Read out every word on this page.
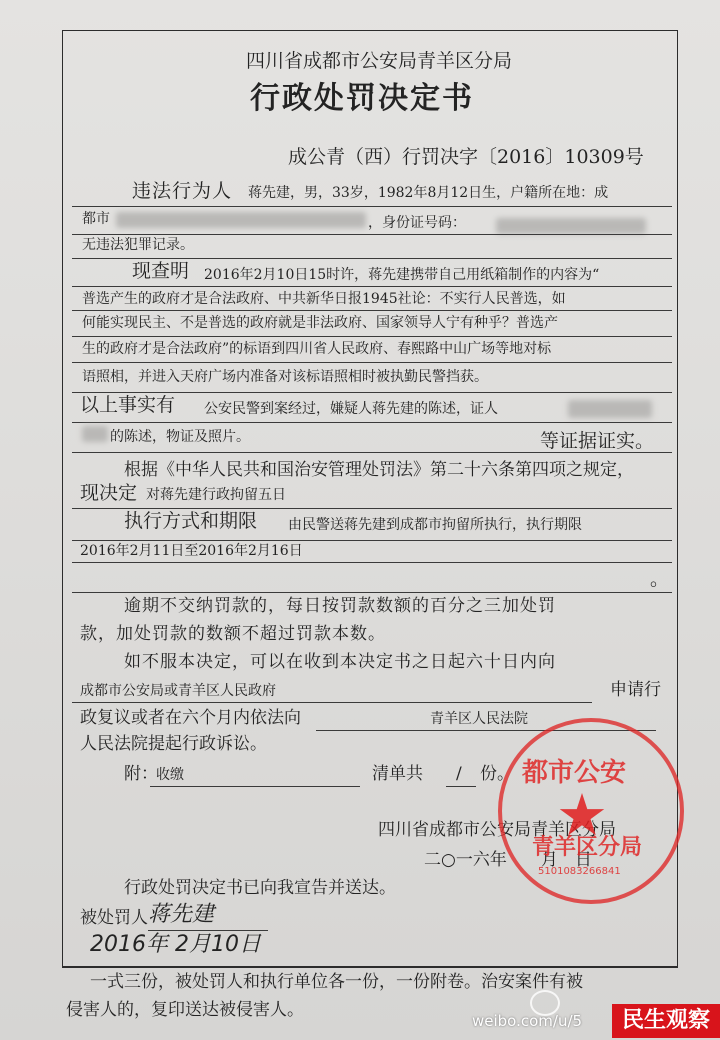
四川省成都市公安局青羊区分局
行政处罚决定书
成公青（西）行罚决字〔2016〕10309号
违法行为人 蒋先建，男，33岁，1982年8月12日生，户籍所在地：成
都市	，身份证号码：
无违法犯罪记录。
现查明 2016年2月10日15时许，蒋先建携带自己用纸箱制作的内容为“
普选产生的政府才是合法政府、中共新华日报1945社论：不实行人民普选，如
何能实现民主、不是普选的政府就是非法政府、国家领导人宁有种乎？普选产
生的政府才是合法政府”的标语到四川省人民政府、春熙路中山广场等地对标
语照相，并进入天府广场内准备对该标语照相时被执勤民警挡获。
以上事实有 公安民警到案经过，嫌疑人蒋先建的陈述，证人
的陈述，物证及照片。	等证据证实。
根据《中华人民共和国治安管理处罚法》第二十六条第四项之规定，
现决定 对蒋先建行政拘留五日
执行方式和期限 由民警送蒋先建到成都市拘留所执行，执行期限
2016年2月11日至2016年2月16日
。
逾期不交纳罚款的，每日按罚款数额的百分之三加处罚
款，加处罚款的数额不超过罚款本数。
如不服本决定，可以在收到本决定书之日起六十日内向
成都市公安局或青羊区人民政府	申请行
政复议或者在六个月内依法向	青羊区人民法院
人民法院提起行政诉讼。
附：
收缴	清单共 / 份。
四川省成都市公安局青羊区分局
二○一六年　　月　日
都市公安
青羊区分局
5101083266841
★
行政处罚决定书已向我宣告并送达。
被处罚人 蒋先建
2016年 2月10日
一式三份，被处罚人和执行单位各一份，一份附卷。治安案件有被
侵害人的，复印送达被侵害人。
weibo.com/u/5	民生观察
